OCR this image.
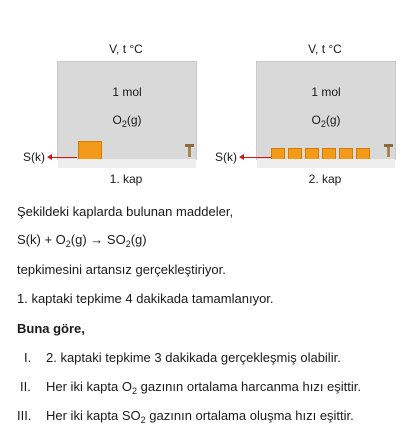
V, t °C
1 mol
$O_2(g)$
S(k)
1. kap
V, t °C
1 mol
$O_2(g)$
S(k)
2. kap
Şekildeki kaplarda bulunan maddeler,
$S(k) + O_2(g) \to SO_2(g)$
tepkimesini artansız gerçekleştiriyor.
1. kaptaki tepkime 4 dakikada tamamlanıyor.
Buna göre,
I. 2. kaptaki tepkime 3 dakikada gerçekleşmiş olabilir.
II. Her iki kapta $O_2$ gazının ortalama harcanma hızı eşittir.
III. Her iki kapta $SO_2$ gazının ortalama oluşma hızı eşittir.
